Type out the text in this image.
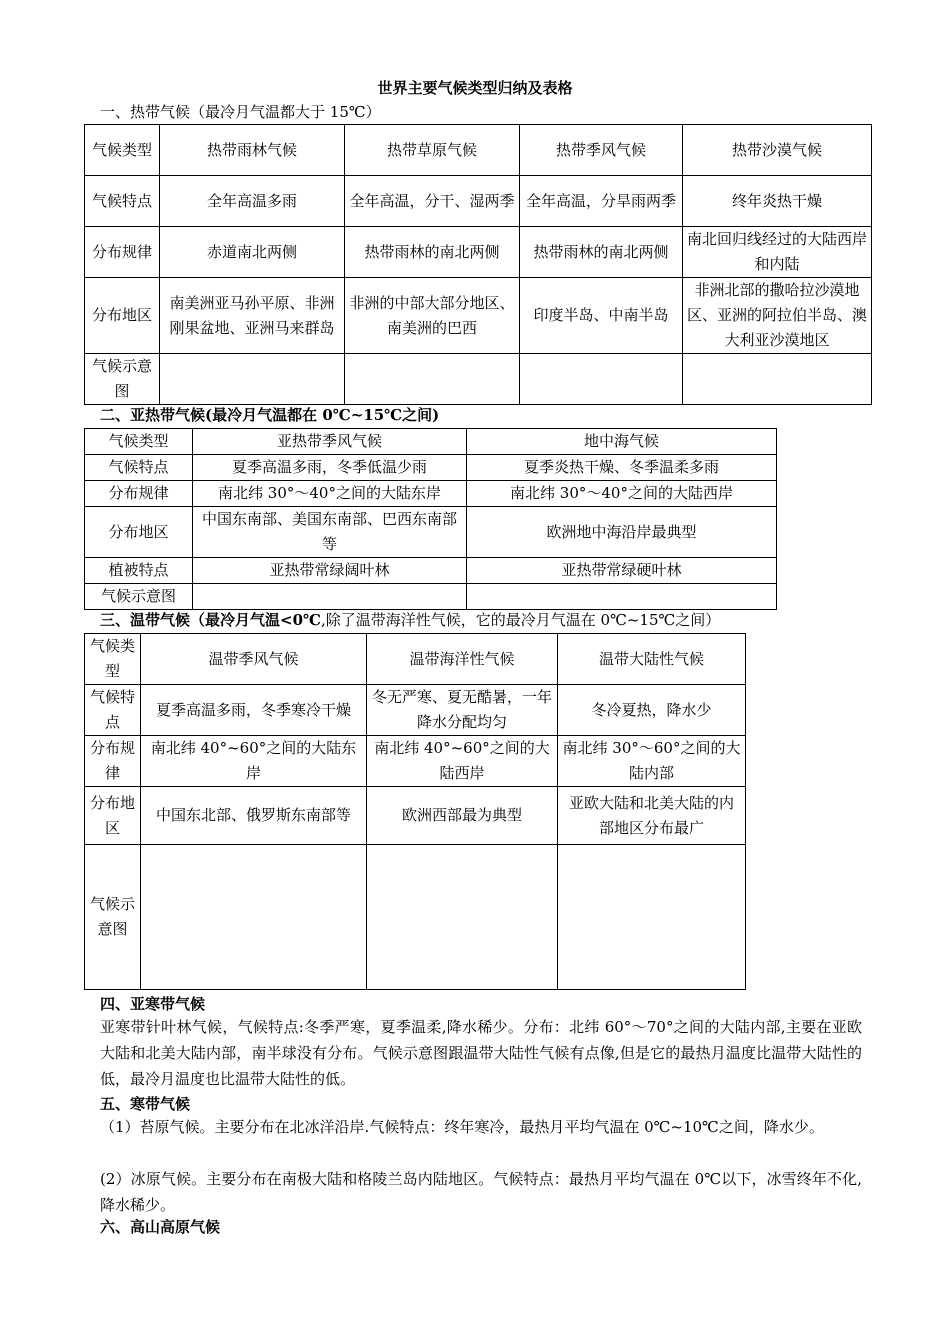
世界主要气候类型归纳及表格
一、热带气候（最冷月气温都大于 15℃）
气候类型	热带雨林气候	热带草原气候	热带季风气候	热带沙漠气候
气候特点	全年高温多雨	全年高温，分干、湿两季	全年高温，分旱雨两季	终年炎热干燥
分布规律	赤道南北两侧	热带雨林的南北两侧	热带雨林的南北两侧	南北回归线经过的大陆西岸和内陆
分布地区	南美洲亚马孙平原、非洲刚果盆地、亚洲马来群岛	非洲的中部大部分地区、南美洲的巴西	印度半岛、中南半岛	非洲北部的撒哈拉沙漠地区、亚洲的阿拉伯半岛、澳大利亚沙漠地区
气候示意图				
二、亚热带气候(最冷月气温都在 0℃~15℃之间)
气候类型	亚热带季风气候	地中海气候
气候特点	夏季高温多雨，冬季低温少雨	夏季炎热干燥、冬季温柔多雨
分布规律	南北纬 30°～40°之间的大陆东岸	南北纬 30°～40°之间的大陆西岸
分布地区	中国东南部、美国东南部、巴西东南部等	欧洲地中海沿岸最典型
植被特点	亚热带常绿阔叶林	亚热带常绿硬叶林
气候示意图		
三、温带气候（最冷月气温<0℃,除了温带海洋性气候，它的最冷月气温在 0℃~15℃之间）
气候类型	温带季风气候	温带海洋性气候	温带大陆性气候
气候特点	夏季高温多雨，冬季寒冷干燥	冬无严寒、夏无酷暑，一年降水分配均匀	冬冷夏热，降水少
分布规律	南北纬 40°~60°之间的大陆东岸	南北纬 40°~60°之间的大陆西岸	南北纬 30°～60°之间的大陆内部
分布地区	中国东北部、俄罗斯东南部等	欧洲西部最为典型	亚欧大陆和北美大陆的内部地区分布最广
气候示意图			
四、亚寒带气候
亚寒带针叶林气候，气候特点:冬季严寒，夏季温柔,降水稀少。分布：北纬 60°～70°之间的大陆内部,主要在亚欧大陆和北美大陆内部，南半球没有分布。气候示意图跟温带大陆性气候有点像,但是它的最热月温度比温带大陆性的低，最冷月温度也比温带大陆性的低。
五、寒带气候
（1）苔原气候。主要分布在北冰洋沿岸.气候特点：终年寒冷，最热月平均气温在 0℃~10℃之间，降水少。
(2）冰原气候。主要分布在南极大陆和格陵兰岛内陆地区。气候特点：最热月平均气温在 0℃以下，冰雪终年不化,降水稀少。
六、高山高原气候
